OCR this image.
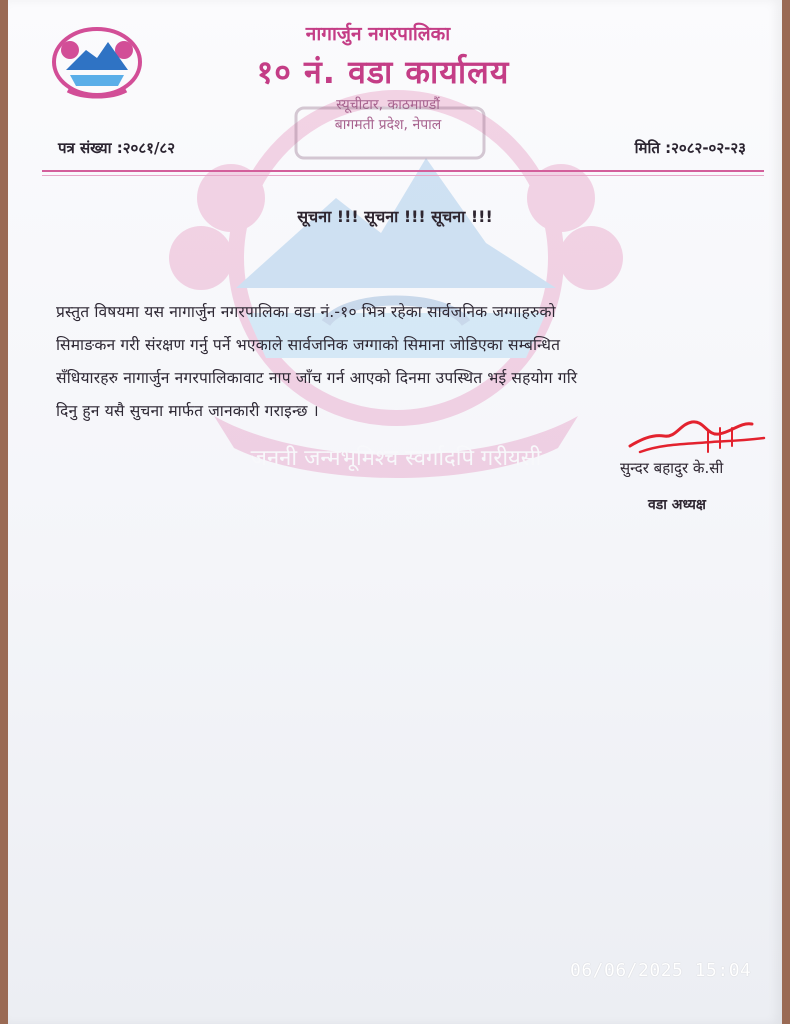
जननी जन्मभूमिश्च स्वर्गादपि गरीयसी
नागार्जुन नगरपालिका
१० नं. वडा कार्यालय
स्यूचीटार, काठमाण्डौं
बागमती प्रदेश, नेपाल
पत्र संख्या :२०८१/८२	मिति :२०८२-०२-२३
सूचना !!! सूचना !!! सूचना !!!
प्रस्तुत विषयमा यस नागार्जुन नगरपालिका वडा नं.-१० भित्र रहेका सार्वजनिक जग्गाहरुको
सिमाङकन गरी संरक्षण गर्नु पर्ने भएकाले सार्वजनिक जग्गाको सिमाना जोडिएका सम्बन्धित
सँधियारहरु नागार्जुन नगरपालिकावाट नाप जाँच गर्न आएको दिनमा उपस्थित भई सहयोग गरि
दिनु हुन यसै सुचना मार्फत जानकारी गराइन्छ ।
सुन्दर बहादुर के.सी
वडा अध्यक्ष
06/06/2025 15:04
